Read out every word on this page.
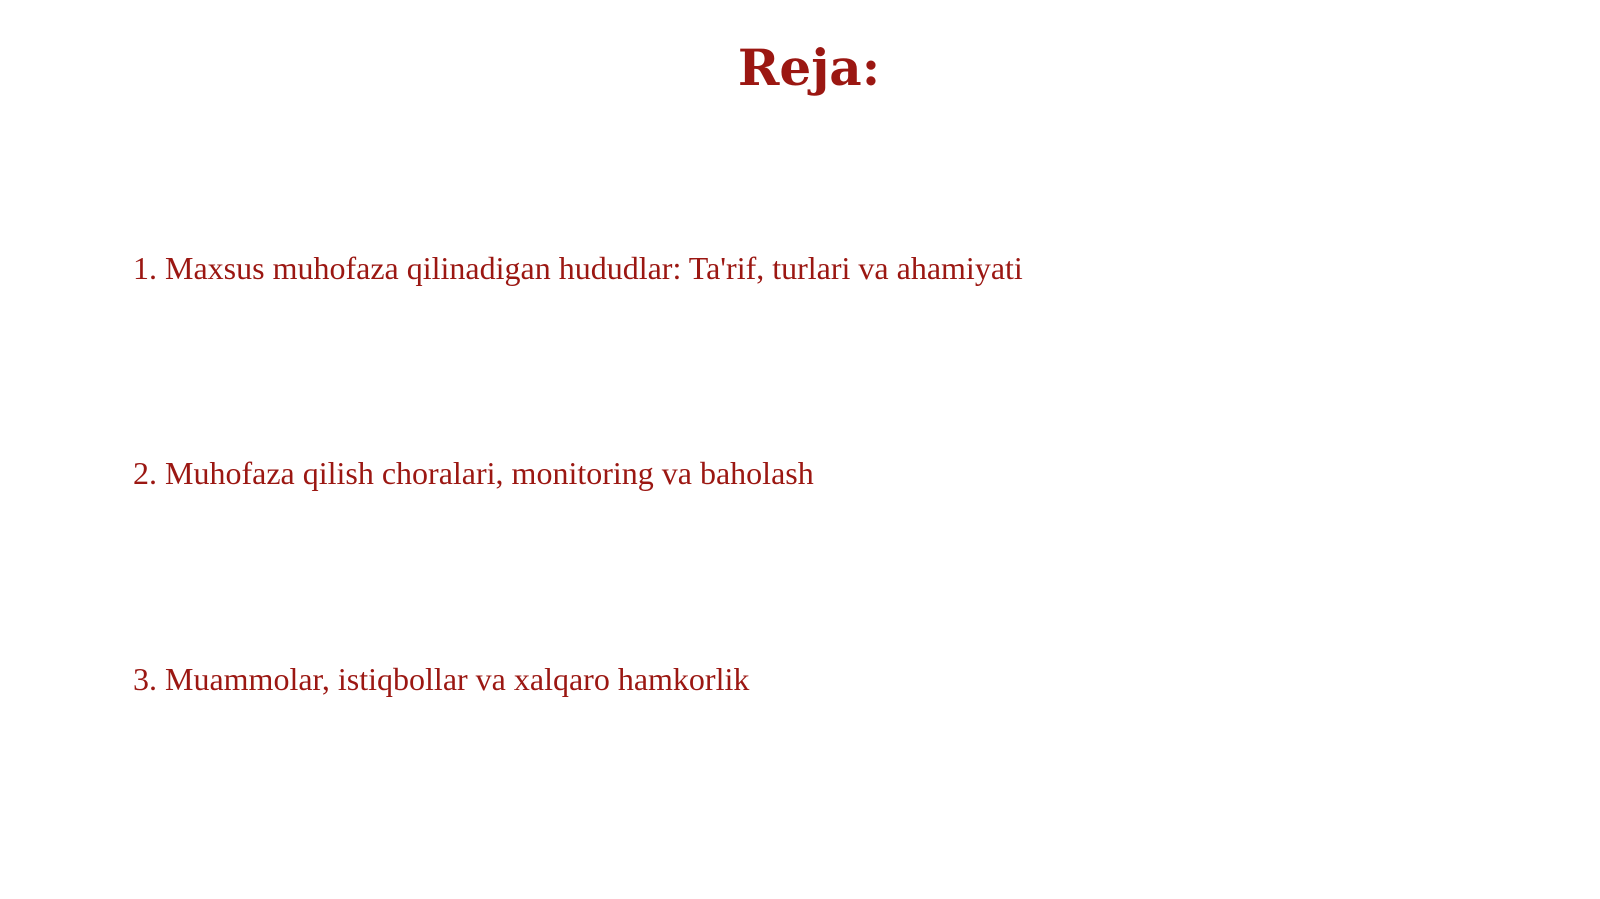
Reja:

1. Maxsus muhofaza qilinadigan hududlar: Ta'rif, turlari va ahamiyati

2. Muhofaza qilish choralari, monitoring va baholash

3. Muammolar, istiqbollar va xalqaro hamkorlik
